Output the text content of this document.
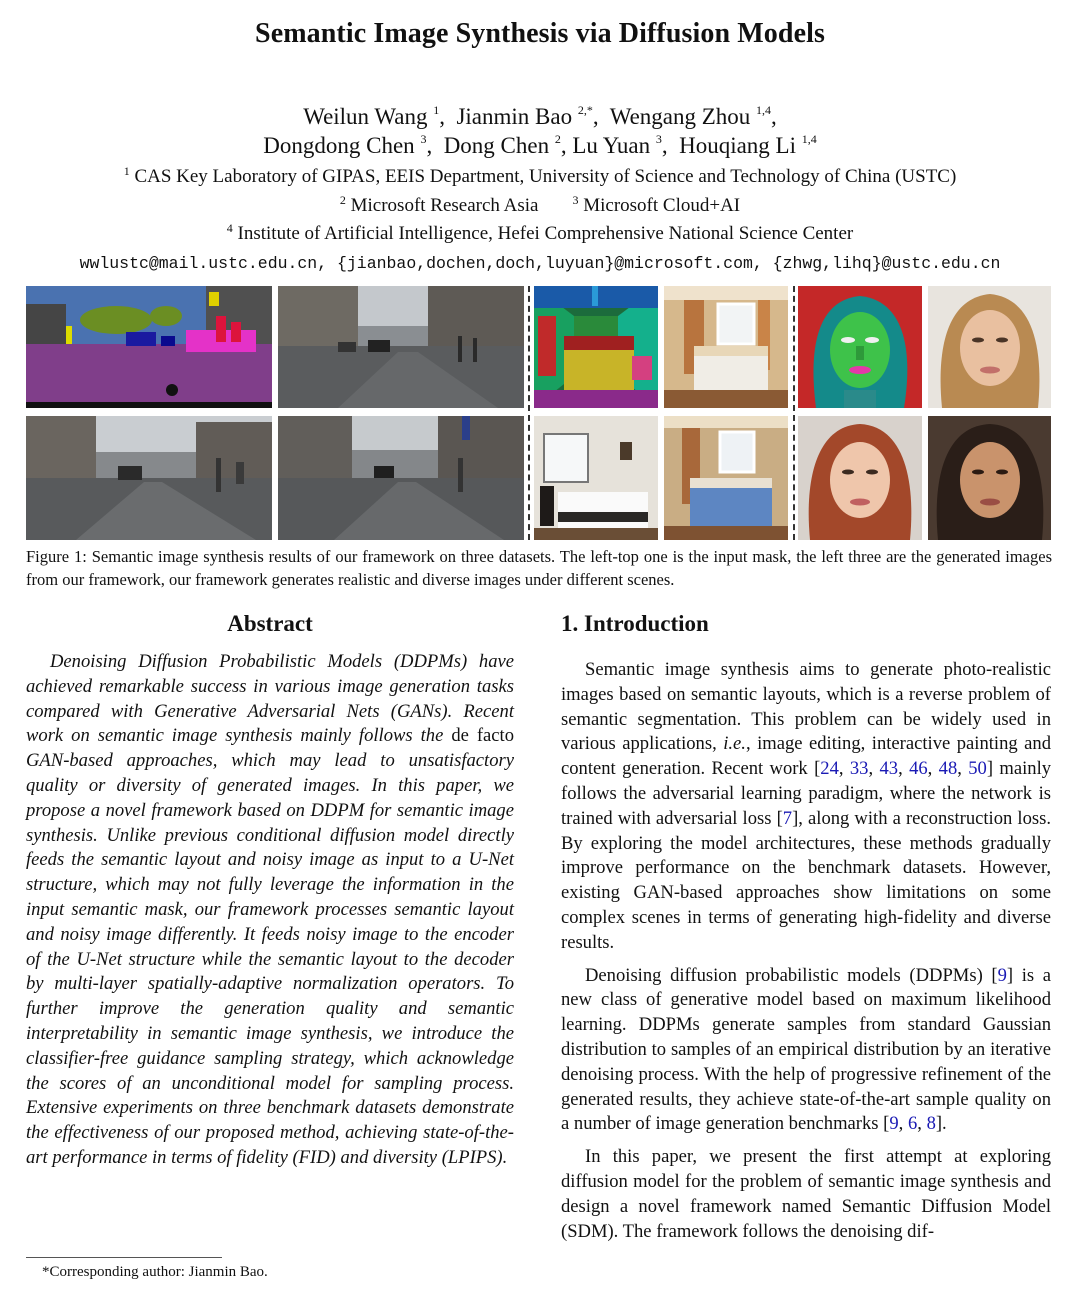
Semantic Image Synthesis via Diffusion Models
Weilun Wang $^1$, Jianmin Bao $^{2,*}$, Wengang Zhou $^{1,4}$,
Dongdong Chen $^3$, Dong Chen $^2$, Lu Yuan $^3$, Houqiang Li $^{1,4}$
$^1$ CAS Key Laboratory of GIPAS, EEIS Department, University of Science and Technology of China (USTC)
$^2$ Microsoft Research Asia	$^3$ Microsoft Cloud+AI
$^4$ Institute of Artificial Intelligence, Hefei Comprehensive National Science Center
wwlustc@mail.ustc.edu.cn, {jianbao,dochen,doch,luyuan}@microsoft.com, {zhwg,lihq}@ustc.edu.cn
Figure 1: Semantic image synthesis results of our framework on three datasets. The left-top one is the input mask, the left three are the generated images from our framework, our framework generates realistic and diverse images under different scenes.
Abstract
Denoising Diffusion Probabilistic Models (DDPMs) have achieved remarkable success in various image generation tasks compared with Generative Adversarial Nets (GANs). Recent work on semantic image synthesis mainly follows the de facto GAN-based approaches, which may lead to unsatisfactory quality or diversity of generated images. In this paper, we propose a novel framework based on DDPM for semantic image synthesis. Unlike previous conditional diffusion model directly feeds the semantic layout and noisy image as input to a U-Net structure, which may not fully leverage the information in the input semantic mask, our framework processes semantic layout and noisy image differently. It feeds noisy image to the encoder of the U-Net structure while the semantic layout to the decoder by multi-layer spatially-adaptive normalization operators. To further improve the generation quality and semantic interpretability in semantic image synthesis, we introduce the classifier-free guidance sampling strategy, which acknowledge the scores of an unconditional model for sampling process. Extensive experiments on three benchmark datasets demonstrate the effectiveness of our proposed method, achieving state-of-the-art performance in terms of fidelity (FID) and diversity (LPIPS).
1. Introduction

Semantic image synthesis aims to generate photo-realistic images based on semantic layouts, which is a reverse problem of semantic segmentation. This problem can be widely used in various applications, i.e., image editing, interactive painting and content generation. Recent work [24, 33, 43, 46, 48, 50] mainly follows the adversarial learning paradigm, where the network is trained with adversarial loss [7], along with a reconstruction loss. By exploring the model architectures, these methods gradually improve performance on the benchmark datasets. However, existing GAN-based approaches show limitations on some complex scenes in terms of generating high-fidelity and diverse results.

Denoising diffusion probabilistic models (DDPMs) [9] is a new class of generative model based on maximum likelihood learning. DDPMs generate samples from standard Gaussian distribution to samples of an empirical distribution by an iterative denoising process. With the help of progressive refinement of the generated results, they achieve state-of-the-art sample quality on a number of image generation benchmarks [9, 6, 8].

In this paper, we present the first attempt at exploring diffusion model for the problem of semantic image synthesis and design a novel framework named Semantic Diffusion Model (SDM). The framework follows the denoising dif-

*Corresponding author: Jianmin Bao.
